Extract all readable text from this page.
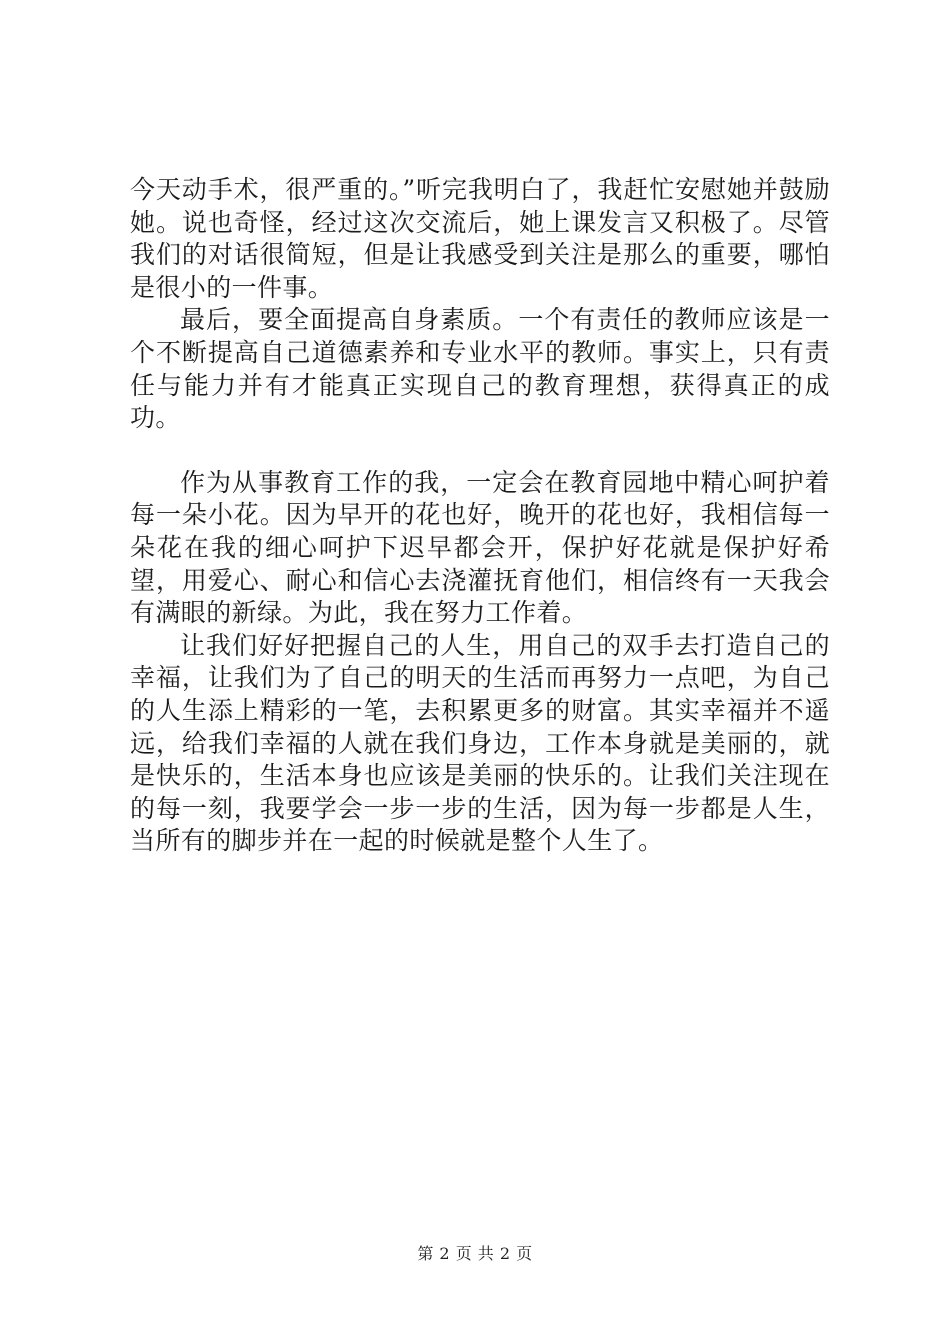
今天动手术，很严重的。”听完我明白了，我赶忙安慰她并鼓励她。说也奇怪，经过这次交流后，她上课发言又积极了。尽管我们的对话很简短，但是让我感受到关注是那么的重要，哪怕是很小的一件事。

最后，要全面提高自身素质。一个有责任的教师应该是一个不断提高自己道德素养和专业水平的教师。事实上，只有责任与能力并有才能真正实现自己的教育理想，获得真正的成功。

作为从事教育工作的我，一定会在教育园地中精心呵护着每一朵小花。因为早开的花也好，晚开的花也好，我相信每一朵花在我的细心呵护下迟早都会开，保护好花就是保护好希望，用爱心、耐心和信心去浇灌抚育他们，相信终有一天我会有满眼的新绿。为此，我在努力工作着。

让我们好好把握自己的人生，用自己的双手去打造自己的幸福，让我们为了自己的明天的生活而再努力一点吧，为自己的人生添上精彩的一笔，去积累更多的财富。其实幸福并不遥远，给我们幸福的人就在我们身边，工作本身就是美丽的，就是快乐的，生活本身也应该是美丽的快乐的。让我们关注现在的每一刻，我要学会一步一步的生活，因为每一步都是人生，当所有的脚步并在一起的时候就是整个人生了。

第 2 页 共 2 页
